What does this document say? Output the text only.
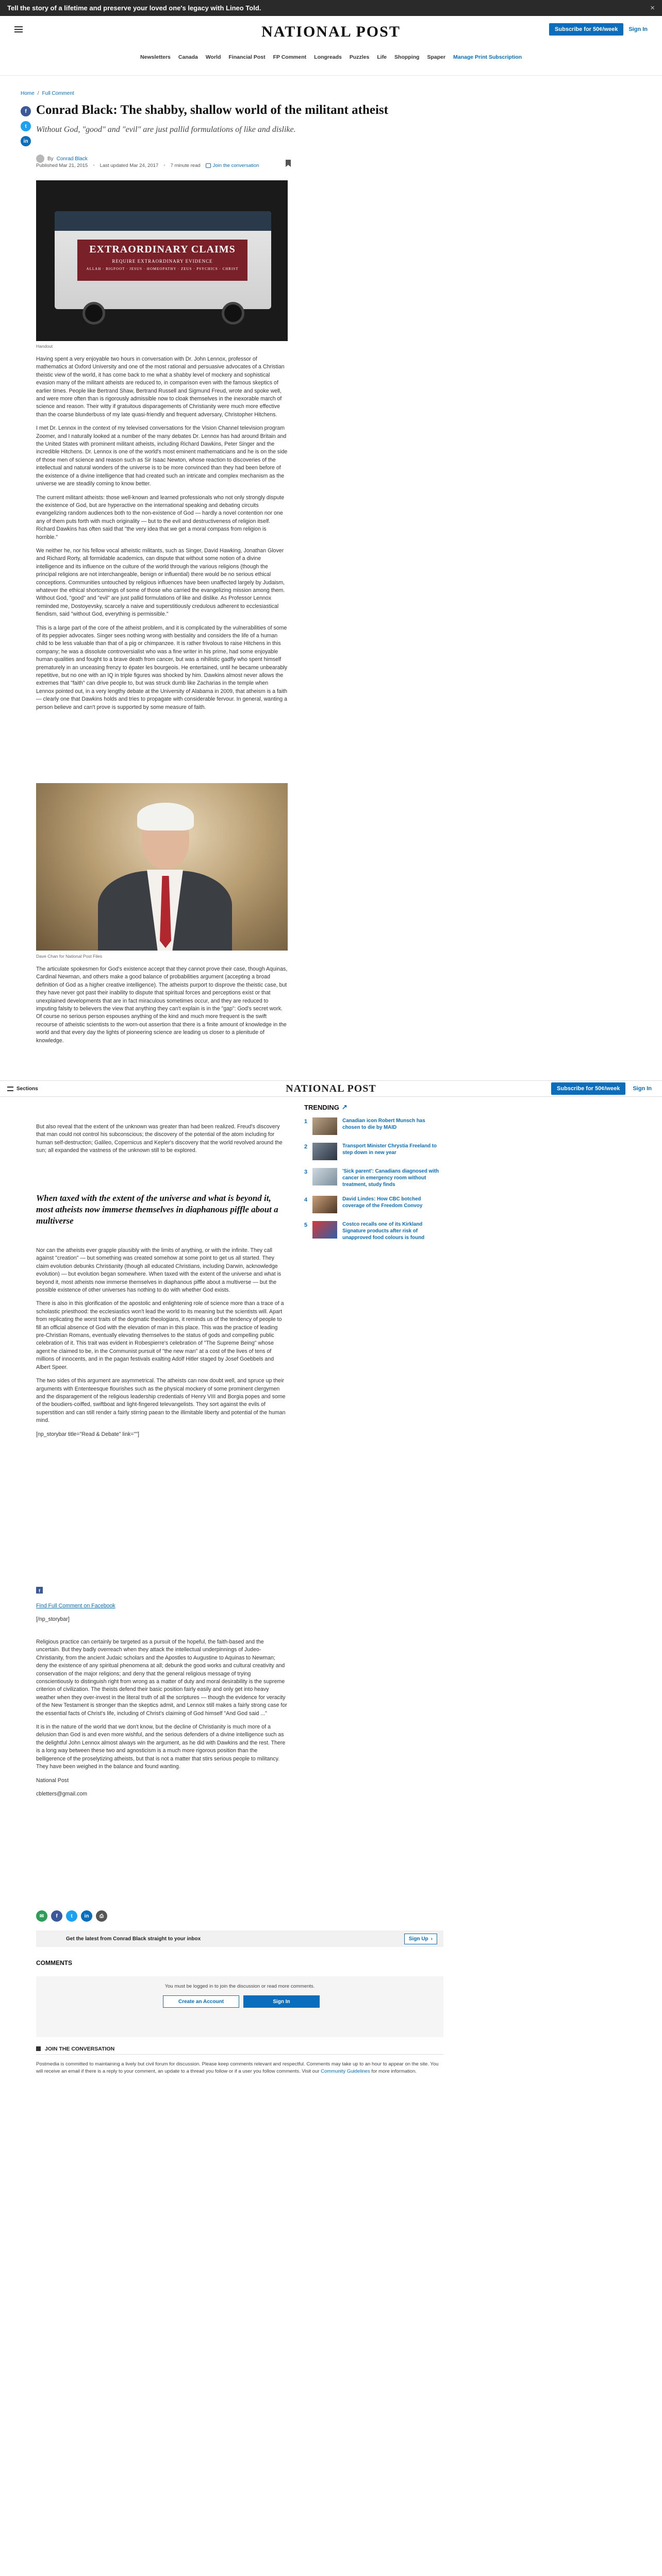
Tell the story of a lifetime and preserve your loved one's legacy with Lineo Told.	×
NATIONAL POST	Subscribe for 50¢/week	Sign In
Newsletters Canada World Financial Post FP Comment Longreads Puzzles Life Shopping Spaper Manage Print Subscription
Home / Full Comment
f
t
in
Conrad Black: The shabby, shallow world of the militant atheist
Without God, "good" and "evil" are just pallid formulations of like and dislike.
By Conrad Black
Published Mar 21, 2015 • Last updated Mar 24, 2017 • 7 minute read	Join the conversation
EXTRAORDINARY CLAIMS
REQUIRE EXTRAORDINARY EVIDENCE
ALLAH · BIGFOOT · JESUS · HOMEOPATHY · ZEUS · PSYCHICS · CHRIST
Handout

Having spent a very enjoyable two hours in conversation with Dr. John Lennox, professor of mathematics at Oxford University and one of the most rational and persuasive advocates of a Christian theistic view of the world, it has come back to me what a shabby level of mockery and sophistical evasion many of the militant atheists are reduced to, in comparison even with the famous skeptics of earlier times. People like Bertrand Shaw, Bertrand Russell and Sigmund Freud, wrote and spoke well, and were more often than is rigorously admissible now to cloak themselves in the inexorable march of science and reason. Their witty if gratuitous disparagements of Christianity were much more effective than the coarse blunderbuss of my late quasi-friendly and frequent adversary, Christopher Hitchens.

I met Dr. Lennox in the context of my televised conversations for the Vision Channel television program Zoomer, and I naturally looked at a number of the many debates Dr. Lennox has had around Britain and the United States with prominent militant atheists, including Richard Dawkins, Peter Singer and the incredible Hitchens. Dr. Lennox is one of the world's most eminent mathematicians and he is on the side of those men of science and reason such as Sir Isaac Newton, whose reaction to discoveries of the intellectual and natural wonders of the universe is to be more convinced than they had been before of the existence of a divine intelligence that had created such an intricate and complex mechanism as the universe we are steadily coming to know better.

The current militant atheists: those well-known and learned professionals who not only strongly dispute the existence of God, but are hyperactive on the international speaking and debating circuits evangelizing random audiences both to the non-existence of God — hardly a novel contention nor one any of them puts forth with much originality — but to the evil and destructiveness of religion itself. Richard Dawkins has often said that "the very idea that we get a moral compass from religion is horrible."

We neither he, nor his fellow vocal atheistic militants, such as Singer, David Hawking, Jonathan Glover and Richard Rorty, all formidable academics, can dispute that without some notion of a divine intelligence and its influence on the culture of the world through the various religions (though the principal religions are not interchangeable, benign or influential) there would be no serious ethical conceptions. Communities untouched by religious influences have been unaffected largely by Judaism, whatever the ethical shortcomings of some of those who carried the evangelizing mission among them. Without God, "good" and "evil" are just pallid formulations of like and dislike. As Professor Lennox reminded me, Dostoyevsky, scarcely a naive and superstitiously credulous adherent to ecclesiastical fiendism, said "without God, everything is permissible."

This is a large part of the core of the atheist problem, and it is complicated by the vulnerabilities of some of its peppier advocates. Singer sees nothing wrong with bestiality and considers the life of a human child to be less valuable than that of a pig or chimpanzee. It is rather frivolous to raise Hitchens in this company; he was a dissolute controversialist who was a fine writer in his prime, had some enjoyable human qualities and fought to a brave death from cancer, but was a nihilistic gadfly who spent himself prematurely in an unceasing frenzy to épater les bourgeois. He entertained, until he became unbearably repetitive, but no one with an IQ in triple figures was shocked by him. Dawkins almost never allows the extremes that "faith" can drive people to, but was struck dumb like Zacharias in the temple when Lennox pointed out, in a very lengthy debate at the University of Alabama in 2009, that atheism is a faith — clearly one that Dawkins holds and tries to propagate with considerable fervour. In general, wanting a person believe and can't prove is supported by some measure of faith.

Dave Chan for National Post Files

The articulate spokesmen for God's existence accept that they cannot prove their case, though Aquinas, Cardinal Newman, and others make a good balance of probabilities argument (accepting a broad definition of God as a higher creative intelligence). The atheists purport to disprove the theistic case, but they have never got past their inability to dispute that spiritual forces and perceptions exist or that unexplained developments that are in fact miraculous sometimes occur, and they are reduced to imputing falsity to believers the view that anything they can't explain is in the "gap": God's secret work. Of course no serious person espouses anything of the kind and much more frequent is the swift recourse of atheistic scientists to the worn-out assertion that there is a finite amount of knowledge in the world and that every day the lights of pioneering science are leading us closer to a plenitude of knowledge.

Sections	NATIONAL POST	Subscribe for 50¢/week	Sign In

But also reveal that the extent of the unknown was greater than had been realized. Freud's discovery that man could not control his subconscious; the discovery of the potential of the atom including for human self-destruction; Galileo, Copernicus and Kepler's discovery that the world revolved around the sun; all expanded the vastness of the unknown still to be explored.

TRENDING ↗
1	Canadian icon Robert Munsch has chosen to die by MAID
2	Transport Minister Chrystia Freeland to step down in new year
3	'Sick parent': Canadians diagnosed with cancer in emergency room without treatment, study finds
4	David Lindes: How CBC botched coverage of the Freedom Convoy
5	Costco recalls one of its Kirkland Signature products after risk of unapproved food colours is found
When taxed with the extent of the universe and what is beyond it, most atheists now immerse themselves in diaphanous piffle about a multiverse

Nor can the atheists ever grapple plausibly with the limits of anything, or with the infinite. They call against "creation" — but something was created somehow at some point to get us all started. They claim evolution debunks Christianity (though all educated Christians, including Darwin, acknowledge evolution) — but evolution began somewhere. When taxed with the extent of the universe and what is beyond it, most atheists now immerse themselves in diaphanous piffle about a multiverse — but the possible existence of other universes has nothing to do with whether God exists.

There is also in this glorification of the apostolic and enlightening role of science more than a trace of a scholastic priesthood: the ecclesiastics won't lead the world to its meaning but the scientists will. Apart from replicating the worst traits of the dogmatic theologians, it reminds us of the tendency of people to fill an official absence of God with the elevation of man in this place. This was the practice of leading pre-Christian Romans, eventually elevating themselves to the status of gods and compelling public celebration of it. This trait was evident in Robespierre's celebration of "The Supreme Being" whose agent he claimed to be, in the Communist pursuit of "the new man" at a cost of the lives of tens of millions of innocents, and in the pagan festivals exalting Adolf Hitler staged by Josef Goebbels and Albert Speer.

The two sides of this argument are asymmetrical. The atheists can now doubt well, and spruce up their arguments with Ententeesque flourishes such as the physical mockery of some prominent clergymen and the disparagement of the religious leadership credentials of Henry VIII and Borgia popes and some of the boudiers-coiffed, swiftboat and light-fingered televangelists. They sort against the evils of superstition and can still render a fairly stirring paean to the illimitable liberty and potential of the human mind.

[np_storybar title="Read & Debate" link=""]

f

Find Full Comment on Facebook

[/np_storybar]

Religious practice can certainly be targeted as a pursuit of the hopeful, the faith-based and the uncertain. But they badly overreach when they attack the intellectual underpinnings of Judeo-Christianity, from the ancient Judaic scholars and the Apostles to Augustine to Aquinas to Newman; deny the existence of any spiritual phenomena at all; debunk the good works and cultural creativity and conservation of the major religions; and deny that the general religious message of trying conscientiously to distinguish right from wrong as a matter of duty and moral desirability is the supreme criterion of civilization. The theists defend their basic position fairly easily and only get into heavy weather when they over-invest in the literal truth of all the scriptures — though the evidence for veracity of the New Testament is stronger than the skeptics admit, and Lennox still makes a fairly strong case for the essential facts of Christ's life, including of Christ's claiming of God himself "And God said ..."

It is in the nature of the world that we don't know, but the decline of Christianity is much more of a delusion than God is and even more wishful, and the serious defenders of a divine intelligence such as the delightful John Lennox almost always win the argument, as he did with Dawkins and the rest. There is a long way between these two and agnosticism is a much more rigorous position than the belligerence of the proselytizing atheists, but that is not a matter that stirs serious people to militancy. They have been weighed in the balance and found wanting.

National Post

cbletters@gmail.com

✉	f	t	in	⎙
Get the latest from Conrad Black straight to your inbox	Sign Up ›
COMMENTS
You must be logged in to join the discussion or read more comments.
Create an Account	Sign In
JOIN THE CONVERSATION

Postmedia is committed to maintaining a lively but civil forum for discussion. Please keep comments relevant and respectful. Comments may take up to an hour to appear on the site. You will receive an email if there is a reply to your comment, an update to a thread you follow or if a user you follow comments. Visit our Community Guidelines for more information.
